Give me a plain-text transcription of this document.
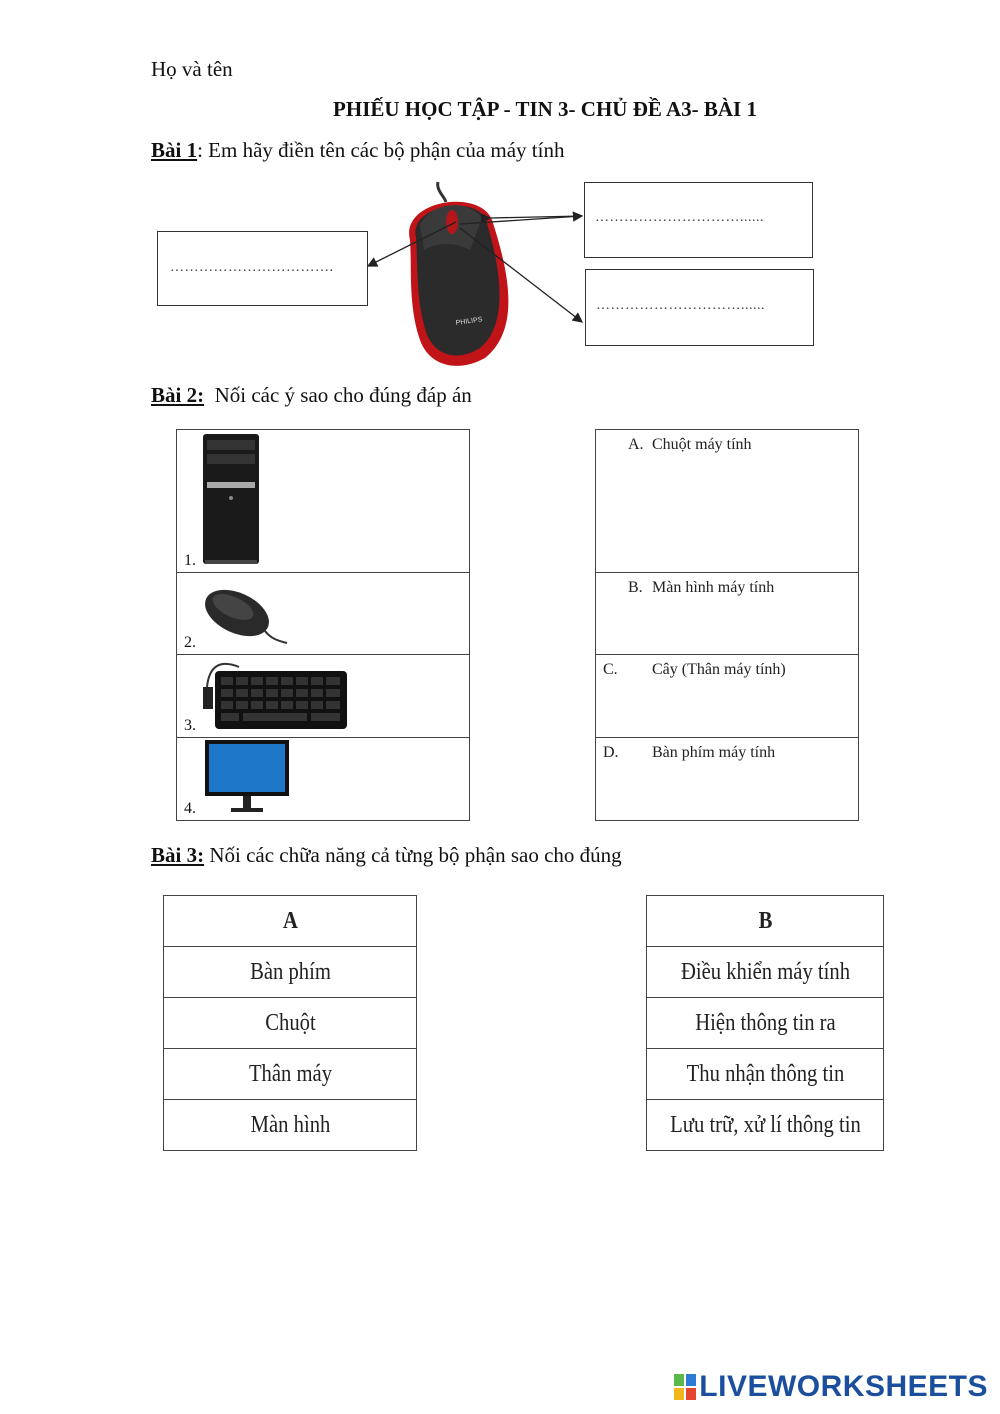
Họ và tên
PHIẾU HỌC TẬP - TIN 3- CHỦ ĐỀ A3- BÀI 1
Bài 1: Em hãy điền tên các bộ phận của máy tính
…………………………….
…………………………......
…………………………......
PHILIPS
Bài 2: Nối các ý sao cho đúng đáp án
1.

2.

3.

4.
A. Chuột máy tính

B. Màn hình máy tính

C. Cây (Thân máy tính)

D. Bàn phím máy tính
Bài 3: Nối các chữa năng cả từng bộ phận sao cho đúng
A
Bàn phím
Chuột
Thân máy
Màn hình
B
Điều khiển máy tính
Hiện thông tin ra
Thu nhận thông tin
Lưu trữ, xử lí thông tin
LIVEWORKSHEETS
